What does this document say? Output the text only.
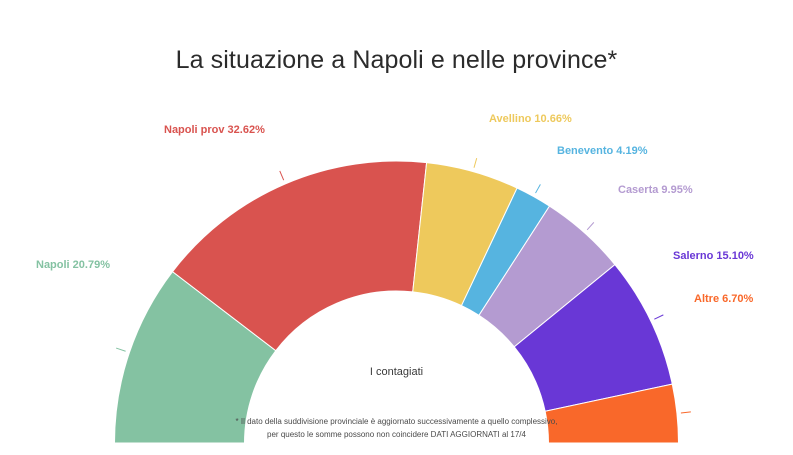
La situazione a Napoli e nelle province*
I contagiati
* Il dato della suddivisione provinciale è aggiornato successivamente a quello complessivo,
per questo le somme possono non coincidere DATI AGGIORNATI al 17/4
Napoli 20.79%
Napoli prov 32.62%
Avellino 10.66%
Benevento 4.19%
Caserta 9.95%
Salerno 15.10%
Altre 6.70%
